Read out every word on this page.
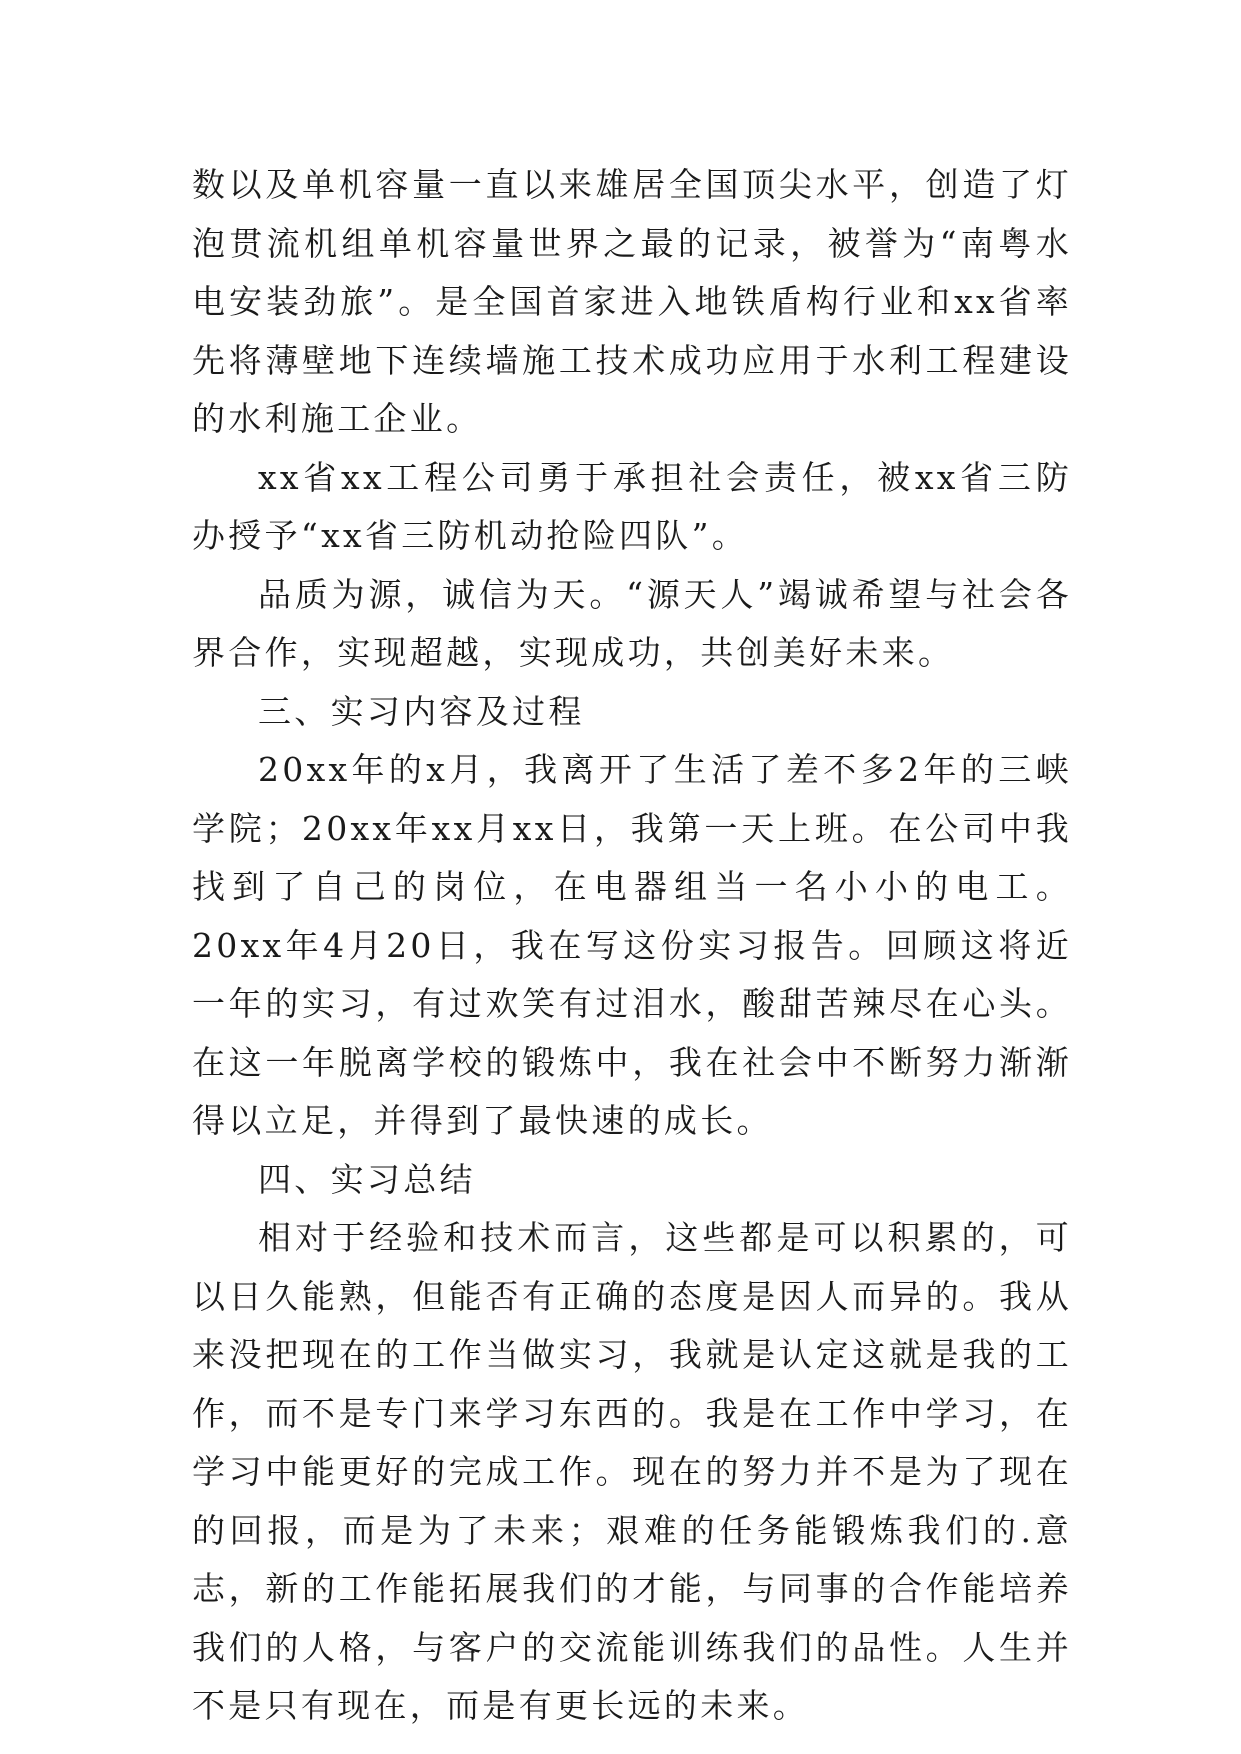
数以及单机容量一直以来雄居全国顶尖水平，创造了灯泡贯流机组单机容量世界之最的记录，被誉为“南粤水电安装劲旅”。是全国首家进入地铁盾构行业和xx省率先将薄壁地下连续墙施工技术成功应用于水利工程建设的水利施工企业。

xx省xx工程公司勇于承担社会责任，被xx省三防办授予“xx省三防机动抢险四队”。

品质为源，诚信为天。“源天人”竭诚希望与社会各界合作，实现超越，实现成功，共创美好未来。

三、实习内容及过程

20xx年的x月，我离开了生活了差不多2年的三峡学院；20xx年xx月xx日，我第一天上班。在公司中我找到了自己的岗位，在电器组当一名小小的电工。20xx年4月20日，我在写这份实习报告。回顾这将近一年的实习，有过欢笑有过泪水，酸甜苦辣尽在心头。在这一年脱离学校的锻炼中，我在社会中不断努力渐渐得以立足，并得到了最快速的成长。

四、实习总结

相对于经验和技术而言，这些都是可以积累的，可以日久能熟，但能否有正确的态度是因人而异的。我从来没把现在的工作当做实习，我就是认定这就是我的工作，而不是专门来学习东西的。我是在工作中学习，在学习中能更好的完成工作。现在的努力并不是为了现在的回报，而是为了未来；艰难的任务能锻炼我们的.意志，新的工作能拓展我们的才能，与同事的合作能培养我们的人格，与客户的交流能训练我们的品性。人生并不是只有现在，而是有更长远的未来。
